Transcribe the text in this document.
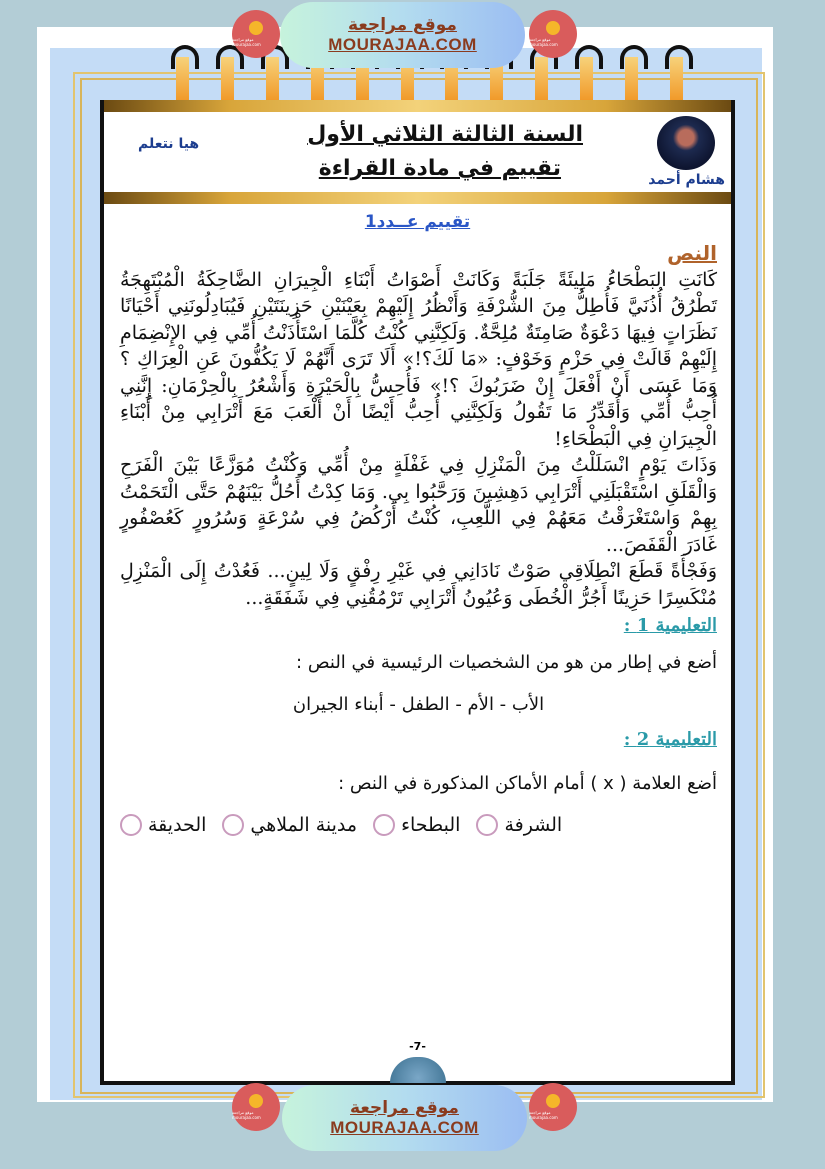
السنة الثالثة الثلاثي الأول
تقييم في مادة القراءة
هيا نتعلم
هشام أحمد
تقييم عــدد1
النص

كَانَتِ البَطْحَاءُ مَلِيئَةً جَلَبَةً وَكَانَتْ أَصْوَاتُ أَبْنَاءِ الْجِيرَانِ الضَّاحِكَةُ الْمُبْتَهِجَةُ تَطْرُقُ أُذُنَيَّ فَأُطِلُّ مِنَ الشُّرْفَةِ وَأَنْظُرُ إِلَيْهِمْ بِعَيْنَيْنِ حَزِينَتَيْنِ فَيُبَادِلُونَنِي أَحْيَانًا نَظَرَاتٍ فِيهَا دَعْوَةٌ صَامِتَةٌ مُلِحَّةٌ. وَلَكِنَّنِي كُنْتُ كُلَّمَا اسْتَأْذَنْتُ أُمِّي فِي الإِنْضِمَامِ إِلَيْهِمْ قَالَتْ فِي حَزْمٍ وَخَوْفٍ: «مَا لَكَ؟!» أَلَا تَرَى أَنَّهُمْ لَا يَكُفُّونَ عَنِ الْعِرَاكِ ؟ وَمَا عَسَى أَنْ أَفْعَلَ إِنْ ضَرَبُوكَ ؟!» فَأُحِسُّ بِالْحَيْرَةِ وَأَشْعُرُ بِالْحِرْمَانِ: إِنَّنِي أُحِبُّ أُمِّي وَأُقَدِّرُ مَا تَقُولُ وَلَكِنَّنِي أُحِبُّ أَيْضًا أَنْ أَلْعَبَ مَعَ أَتْرَابِي مِنْ أَبْنَاءِ الْجِيرَانِ فِي الْبَطْحَاءِ!

وَذَاتَ يَوْمٍ انْسَلَلْتُ مِنَ الْمَنْزِلِ فِي غَفْلَةٍ مِنْ أُمِّي وَكُنْتُ مُوَزَّعًا بَيْنَ الْفَرَحِ وَالْقَلَقِ اسْتَقْبَلَنِي أَتْرَابِي دَهِشِينَ وَرَحَّبُوا بِي. وَمَا كِدْتُ أَحُلُّ بَيْنَهُمْ حَتَّى الْتَحَمْتُ بِهِمْ وَاسْتَغْرَقْتُ مَعَهُمْ فِي اللَّعِبِ، كُنْتُ أَرْكُضُ فِي سُرْعَةٍ وَسُرُورٍ كَعُصْفُورٍ غَادَرَ الْقَفَصَ...

وَفَجْأَةً قَطَعَ انْطِلَاقِي صَوْتٌ نَادَانِي فِي غَيْرِ رِفْقٍ وَلَا لِينٍ... فَعُدْتُ إِلَى الْمَنْزِلِ مُنْكَسِرًا حَزِينًا أَجُرُّ الْخُطَى وَعُيُونُ أَتْرَابِي تَرْمُقُنِي فِي شَفَقَةٍ...

التعليمية 1 :
أضع في إطار من هو من الشخصيات الرئيسية في النص :
الأب - الأم - الطفل - أبناء الجيران
التعليمية 2 :
أضع العلامة ( x ) أمام الأماكن المذكورة في النص :
الحديقة مدينة الملاهي البطحاء الشرفة
-7-
موقع مراجعة mourajaa.com
موقع مراجعة
MOURAJAA.COM	موقع مراجعة mourajaa.com
موقع مراجعة mourajaa.com	موقع مراجعة
MOURAJAA.COM
موقع مراجعة mourajaa.com
